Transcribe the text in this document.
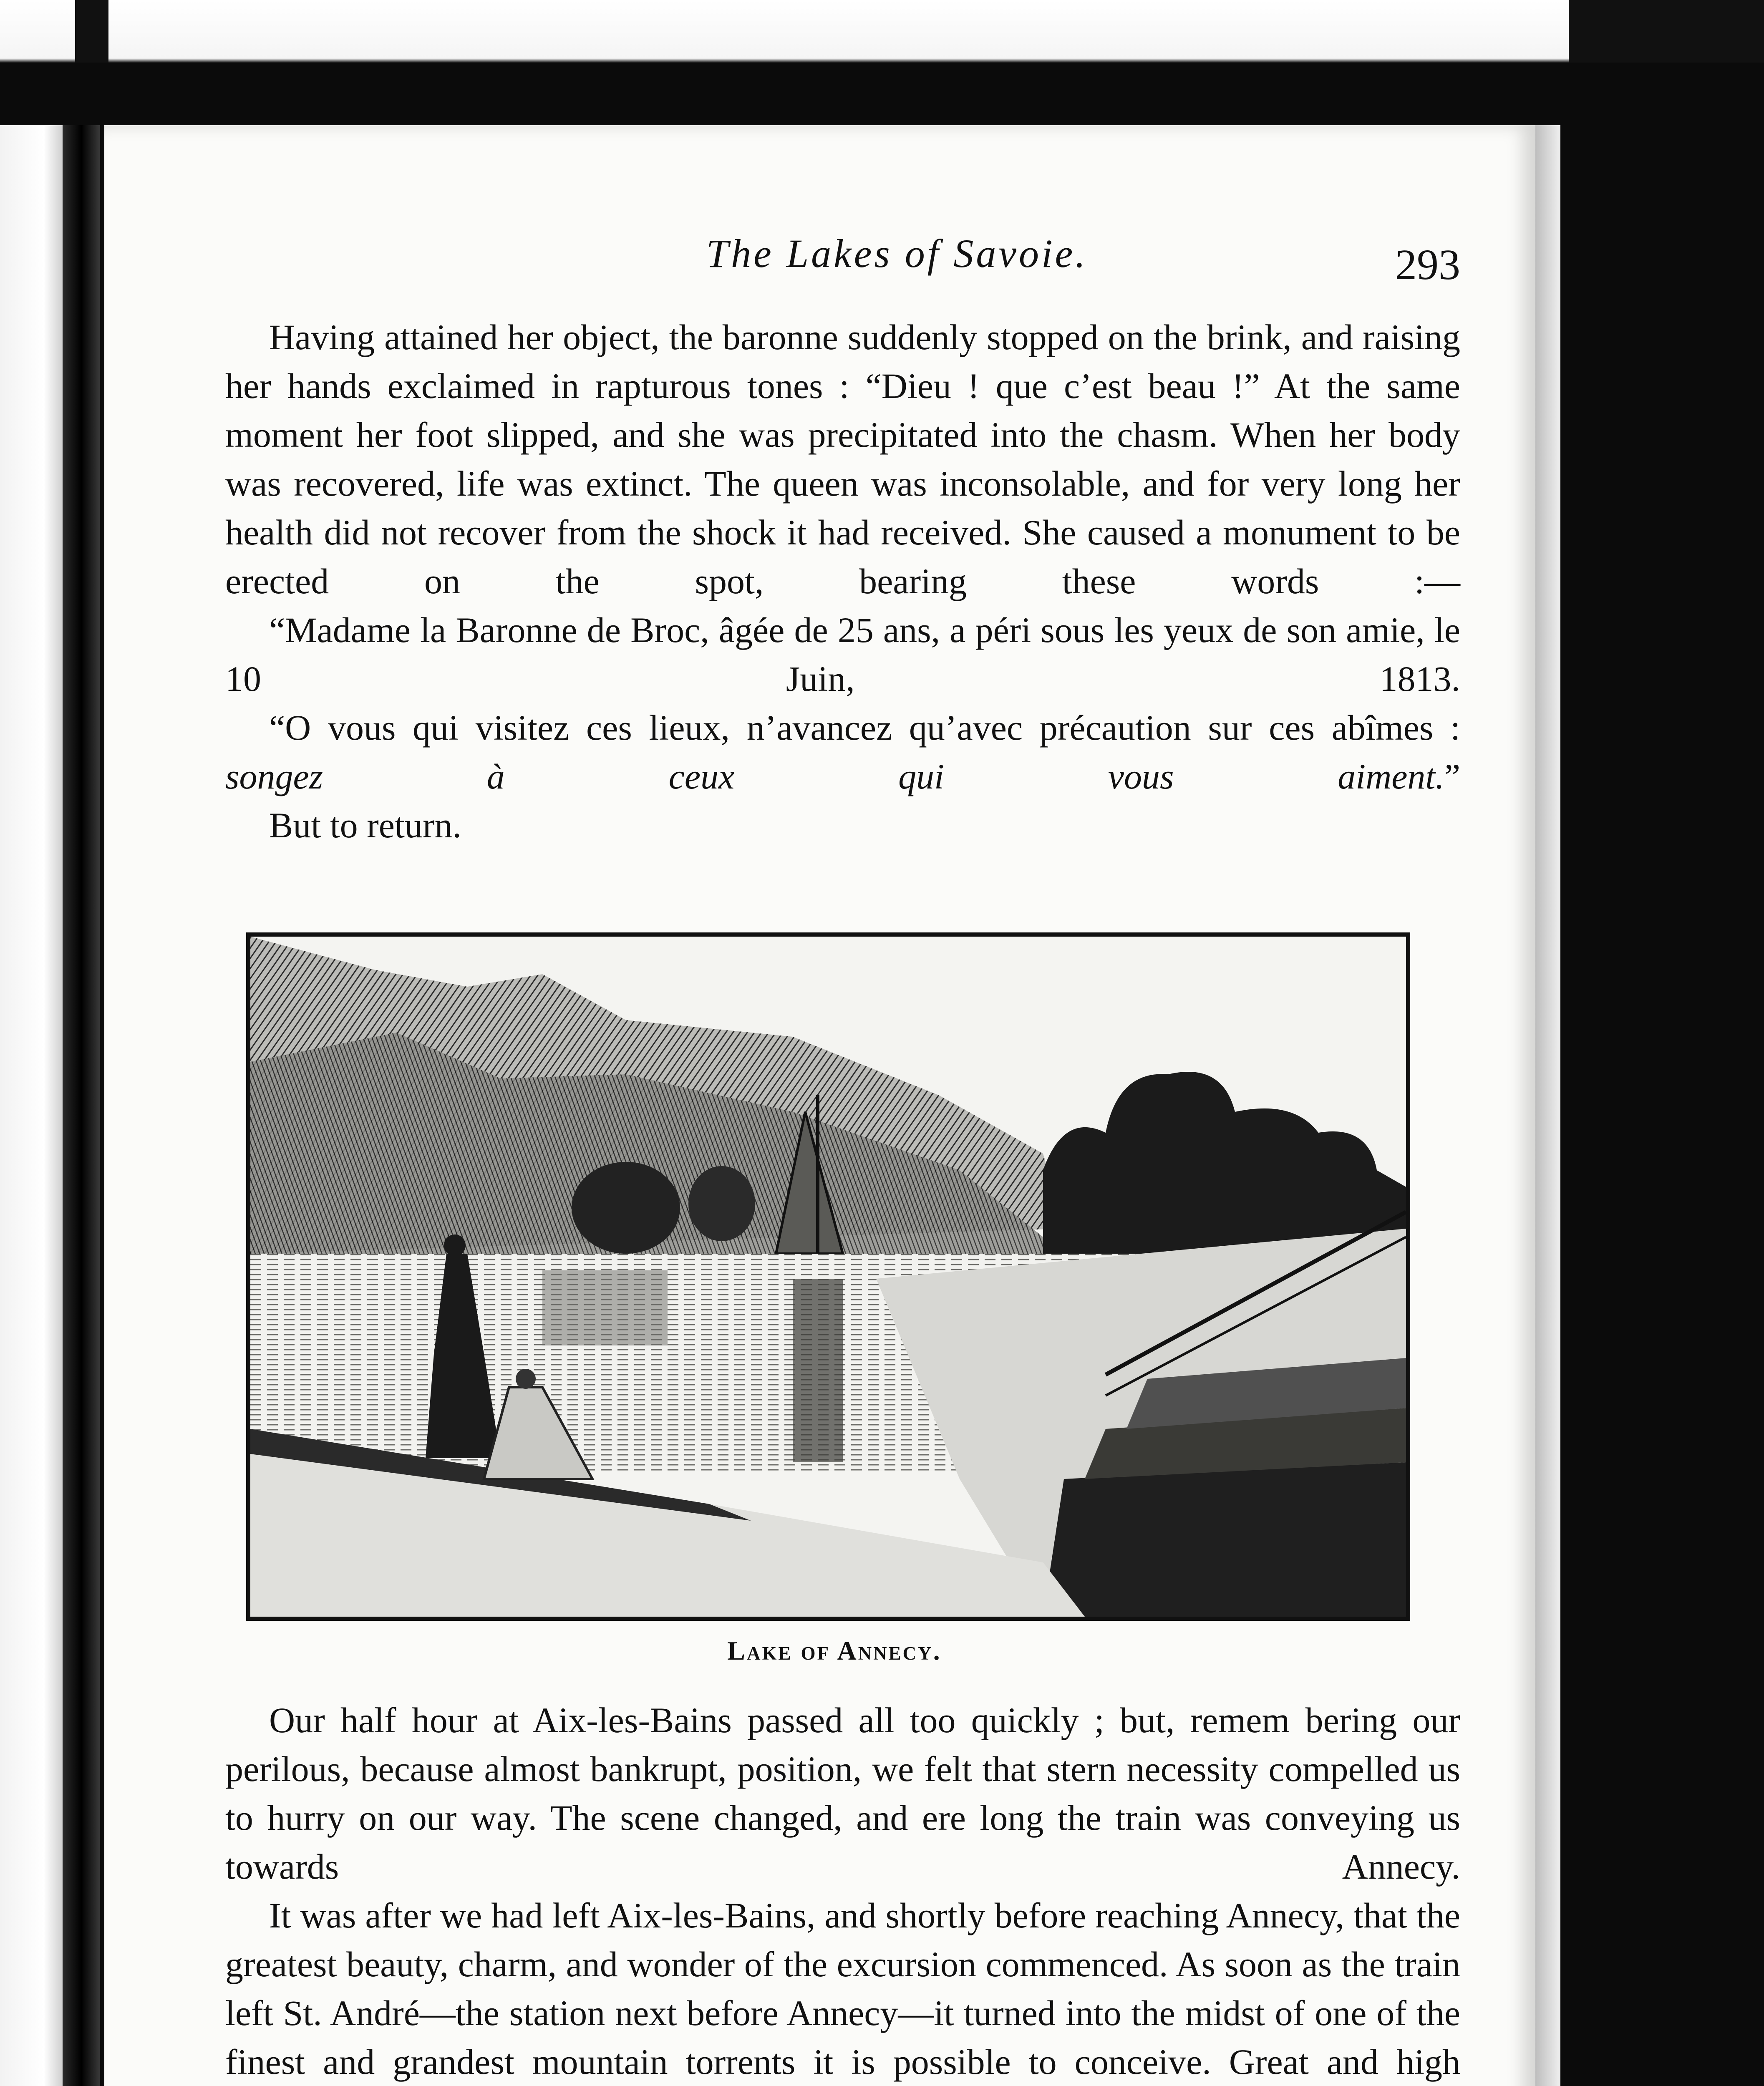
The Lakes of Savoie.	293

Having attained her object, the baronne suddenly stopped on the brink, and raising her hands exclaimed in rapturous tones : “Dieu ! que c’est beau !” At the same moment her foot slipped, and she was precipitated into the chasm. When her body was recovered, life was extinct. The queen was inconsolable, and for very long her health did not recover from the shock it had received. She caused a monument to be erected on the spot, bearing these words :—

“Madame la Baronne de Broc, âgée de 25 ans, a péri sous les yeux de son amie, le 10 Juin, 1813.

“O vous qui visitez ces lieux, n’avancez qu’avec précaution sur ces abîmes : songez à ceux qui vous aiment.”

But to return.

Lake of Annecy.

Our half hour at Aix-les-Bains passed all too quickly ; but, remem bering our perilous, because almost bankrupt, position, we felt that stern necessity compelled us to hurry on our way. The scene changed, and ere long the train was conveying us towards Annecy.

It was after we had left Aix-les-Bains, and shortly before reaching Annecy, that the greatest beauty, charm, and wonder of the excursion commenced. As soon as the train left St. André—the station next before Annecy—it turned into the midst of one of the finest and grandest mountain torrents it is possible to conceive. Great and high
